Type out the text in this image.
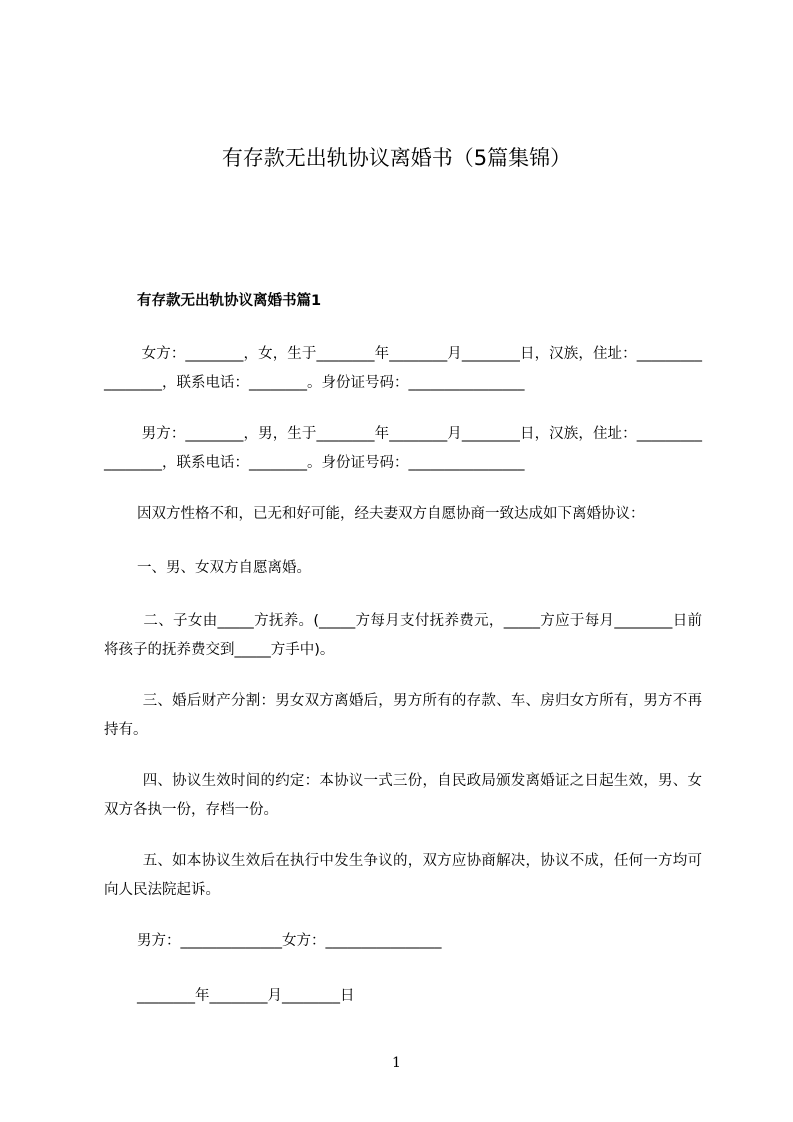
有存款无出轨协议离婚书（5篇集锦）
有存款无出轨协议离婚书篇1
女方：________，女，生于________年________月________日，汉族，住址：_________________，联系电话：________。身份证号码：________________
男方：________，男，生于________年________月________日，汉族，住址：_________________，联系电话：________。身份证号码：________________
因双方性格不和，已无和好可能，经夫妻双方自愿协商一致达成如下离婚协议：
一、男、女双方自愿离婚。
二、子女由_____方抚养。(_____方每月支付抚养费元，_____方应于每月________日前将孩子的抚养费交到_____方手中)。
三、婚后财产分割：男女双方离婚后，男方所有的存款、车、房归女方所有，男方不再持有。
四、协议生效时间的约定：本协议一式三份，自民政局颁发离婚证之日起生效，男、女双方各执一份，存档一份。
五、如本协议生效后在执行中发生争议的，双方应协商解决，协议不成，任何一方均可向人民法院起诉。
男方：______________女方：________________
________年________月________日
1
